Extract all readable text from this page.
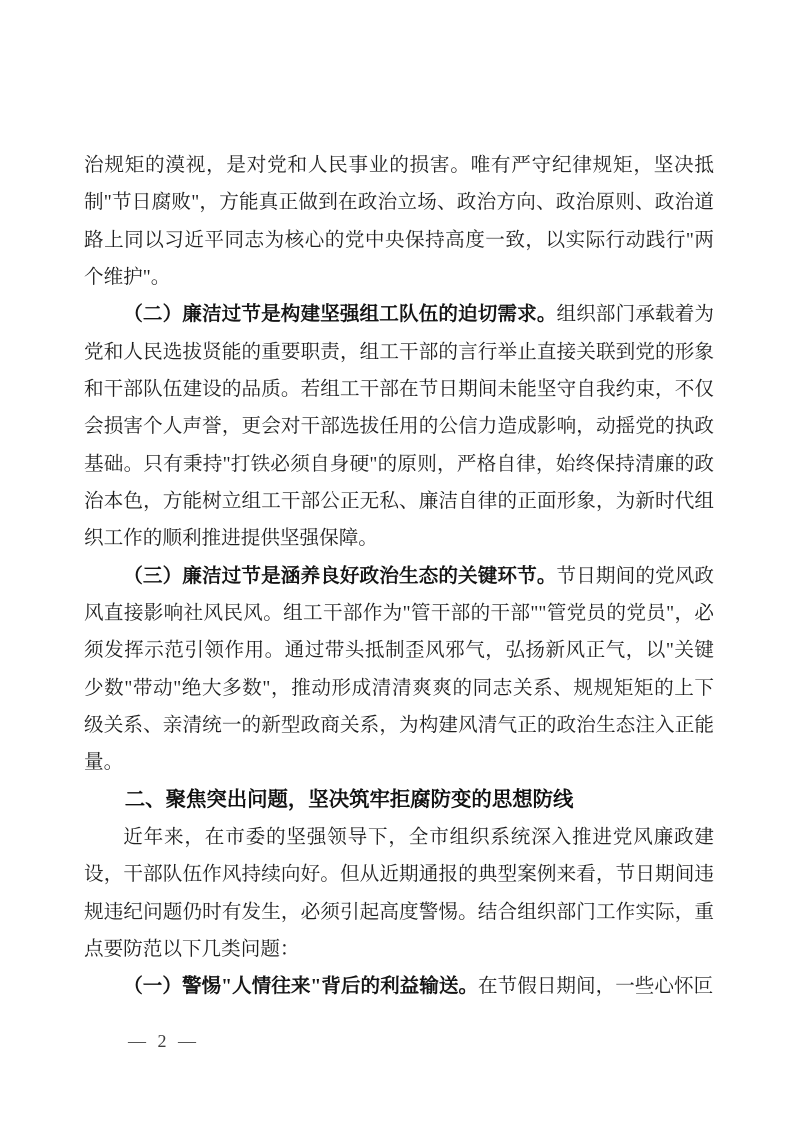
治规矩的漠视，是对党和人民事业的损害。唯有严守纪律规矩，坚决抵制"节日腐败"，方能真正做到在政治立场、政治方向、政治原则、政治道路上同以习近平同志为核心的党中央保持高度一致，以实际行动践行"两个维护"。

（二）廉洁过节是构建坚强组工队伍的迫切需求。组织部门承载着为党和人民选拔贤能的重要职责，组工干部的言行举止直接关联到党的形象和干部队伍建设的品质。若组工干部在节日期间未能坚守自我约束，不仅会损害个人声誉，更会对干部选拔任用的公信力造成影响，动摇党的执政基础。只有秉持"打铁必须自身硬"的原则，严格自律，始终保持清廉的政治本色，方能树立组工干部公正无私、廉洁自律的正面形象，为新时代组织工作的顺利推进提供坚强保障。

（三）廉洁过节是涵养良好政治生态的关键环节。节日期间的党风政风直接影响社风民风。组工干部作为"管干部的干部""管党员的党员"，必须发挥示范引领作用。通过带头抵制歪风邪气，弘扬新风正气，以"关键少数"带动"绝大多数"，推动形成清清爽爽的同志关系、规规矩矩的上下级关系、亲清统一的新型政商关系，为构建风清气正的政治生态注入正能量。

二、聚焦突出问题，坚决筑牢拒腐防变的思想防线

近年来，在市委的坚强领导下，全市组织系统深入推进党风廉政建设，干部队伍作风持续向好。但从近期通报的典型案例来看，节日期间违规违纪问题仍时有发生，必须引起高度警惕。结合组织部门工作实际，重点要防范以下几类问题：

（一）警惕"人情往来"背后的利益输送。在节假日期间，一些心怀叵

— 2 —
